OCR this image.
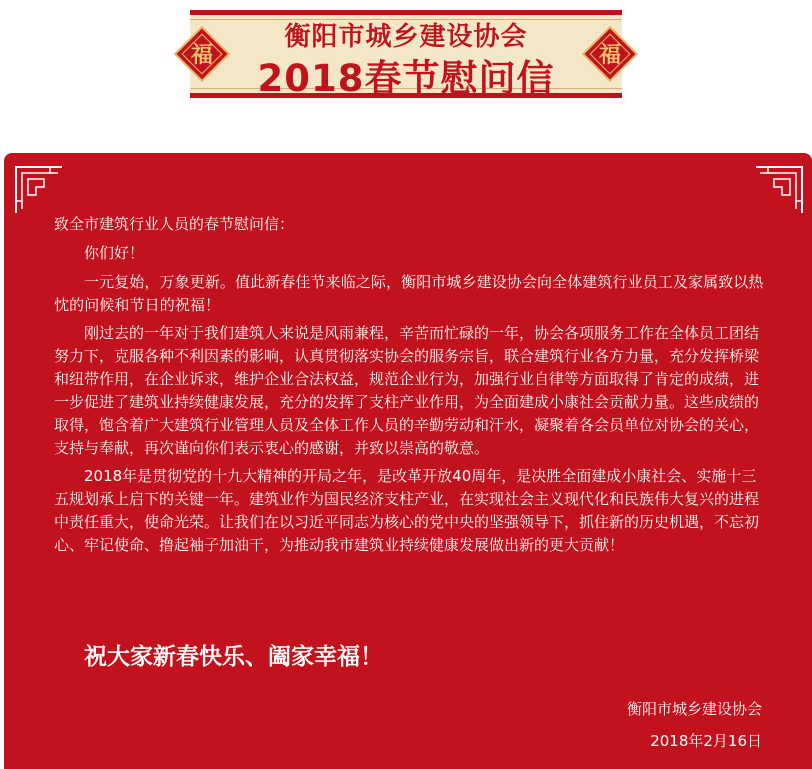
福
衡阳市城乡建设协会
2018春节慰问信
福

致全市建筑行业人员的春节慰问信：

你们好！

一元复始，万象更新。值此新春佳节来临之际，衡阳市城乡建设协会向全体建筑行业员工及家属致以热忱的问候和节日的祝福！

刚过去的一年对于我们建筑人来说是风雨兼程，辛苦而忙碌的一年，协会各项服务工作在全体员工团结努力下，克服各种不利因素的影响，认真贯彻落实协会的服务宗旨，联合建筑行业各方力量，充分发挥桥梁和纽带作用，在企业诉求，维护企业合法权益，规范企业行为，加强行业自律等方面取得了肯定的成绩，进一步促进了建筑业持续健康发展，充分的发挥了支柱产业作用，为全面建成小康社会贡献力量。这些成绩的取得，饱含着广大建筑行业管理人员及全体工作人员的辛勤劳动和汗水，凝聚着各会员单位对协会的关心，支持与奉献，再次谨向你们表示衷心的感谢，并致以崇高的敬意。

2018年是贯彻党的十九大精神的开局之年，是改革开放40周年，是决胜全面建成小康社会、实施十三五规划承上启下的关键一年。建筑业作为国民经济支柱产业，在实现社会主义现代化和民族伟大复兴的进程中责任重大，使命光荣。让我们在以习近平同志为核心的党中央的坚强领导下，抓住新的历史机遇，不忘初心、牢记使命、撸起袖子加油干，为推动我市建筑业持续健康发展做出新的更大贡献！

祝大家新春快乐、阖家幸福！
衡阳市城乡建设协会
2018年2月16日
